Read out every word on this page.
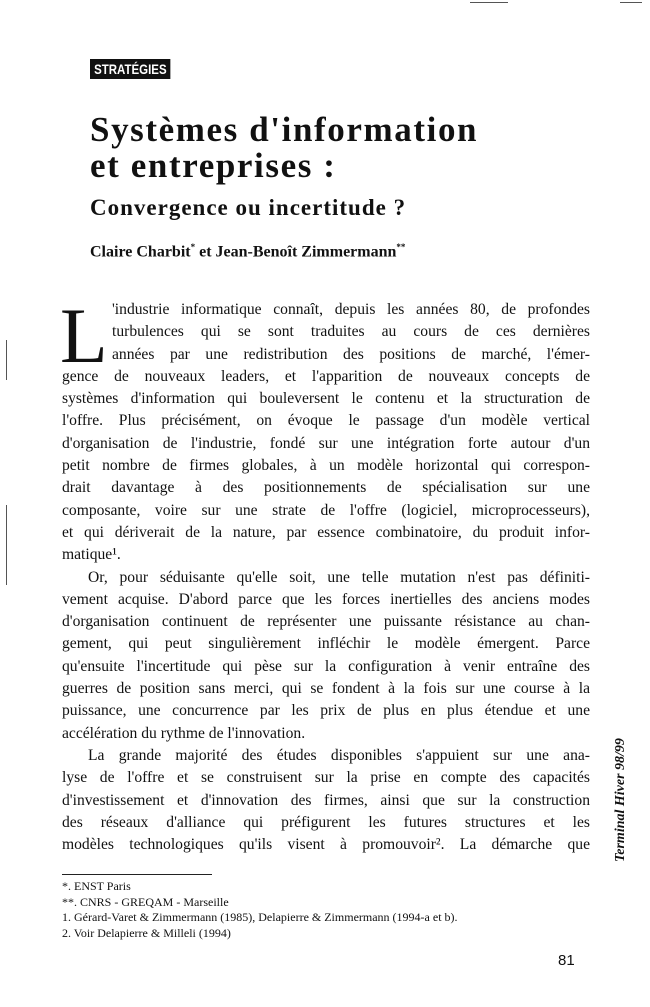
STRATÉGIES
Systèmes d'information
et entreprises :
Convergence ou incertitude ?
Claire Charbit* et Jean-Benoît Zimmermann**
L 'industrie informatique connaît, depuis les années 80, de profondes
turbulences qui se sont traduites au cours de ces dernières
années par une redistribution des positions de marché, l'émer-
gence de nouveaux leaders, et l'apparition de nouveaux concepts de
systèmes d'information qui bouleversent le contenu et la structuration de
l'offre. Plus précisément, on évoque le passage d'un modèle vertical
d'organisation de l'industrie, fondé sur une intégration forte autour d'un
petit nombre de firmes globales, à un modèle horizontal qui correspon-
drait davantage à des positionnements de spécialisation sur une
composante, voire sur une strate de l'offre (logiciel, microprocesseurs),
et qui dériverait de la nature, par essence combinatoire, du produit infor-
matique¹.
Or, pour séduisante qu'elle soit, une telle mutation n'est pas définiti-
vement acquise. D'abord parce que les forces inertielles des anciens modes
d'organisation continuent de représenter une puissante résistance au chan-
gement, qui peut singulièrement infléchir le modèle émergent. Parce
qu'ensuite l'incertitude qui pèse sur la configuration à venir entraîne des
guerres de position sans merci, qui se fondent à la fois sur une course à la
puissance, une concurrence par les prix de plus en plus étendue et une
accélération du rythme de l'innovation.
La grande majorité des études disponibles s'appuient sur une ana-
lyse de l'offre et se construisent sur la prise en compte des capacités
d'investissement et d'innovation des firmes, ainsi que sur la construction
des réseaux d'alliance qui préfigurent les futures structures et les
modèles technologiques qu'ils visent à promouvoir². La démarche que
*. ENST Paris
**. CNRS - GREQAM - Marseille
1. Gérard-Varet & Zimmermann (1985), Delapierre & Zimmermann (1994-a et b).
2. Voir Delapierre & Milleli (1994)
Terminal Hiver 98/99
81
